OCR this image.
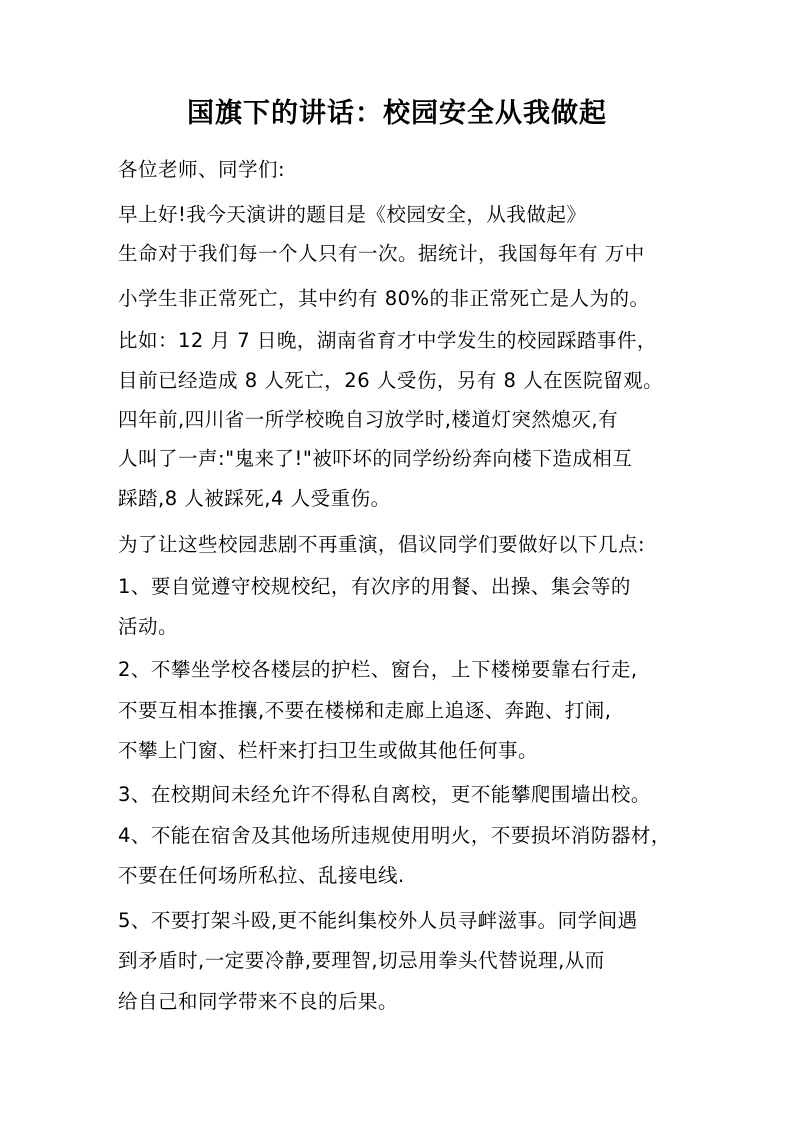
国旗下的讲话：校园安全从我做起
各位老师、同学们:
早上好!我今天演讲的题目是《校园安全，从我做起》
生命对于我们每一个人只有一次。据统计，我国每年有 万中
小学生非正常死亡，其中约有 80%的非正常死亡是人为的。
比如：12 月 7 日晚，湖南省育才中学发生的校园踩踏事件，
目前已经造成 8 人死亡，26 人受伤，另有 8 人在医院留观。
四年前,四川省一所学校晚自习放学时,楼道灯突然熄灭,有
人叫了一声:"鬼来了!"被吓坏的同学纷纷奔向楼下造成相互
踩踏,8 人被踩死,4 人受重伤。
为了让这些校园悲剧不再重演，倡议同学们要做好以下几点:
1、要自觉遵守校规校纪，有次序的用餐、出操、集会等的
活动。
2、不攀坐学校各楼层的护栏、窗台，上下楼梯要靠右行走,
不要互相本推攘,不要在楼梯和走廊上追逐、奔跑、打闹,
不攀上门窗、栏杆来打扫卫生或做其他任何事。
3、在校期间未经允许不得私自离校，更不能攀爬围墙出校。
4、不能在宿舍及其他场所违规使用明火，不要损坏消防器材，
不要在任何场所私拉、乱接电线.
5、不要打架斗殴,更不能纠集校外人员寻衅滋事。同学间遇
到矛盾时,一定要冷静,要理智,切忌用拳头代替说理,从而
给自己和同学带来不良的后果。
